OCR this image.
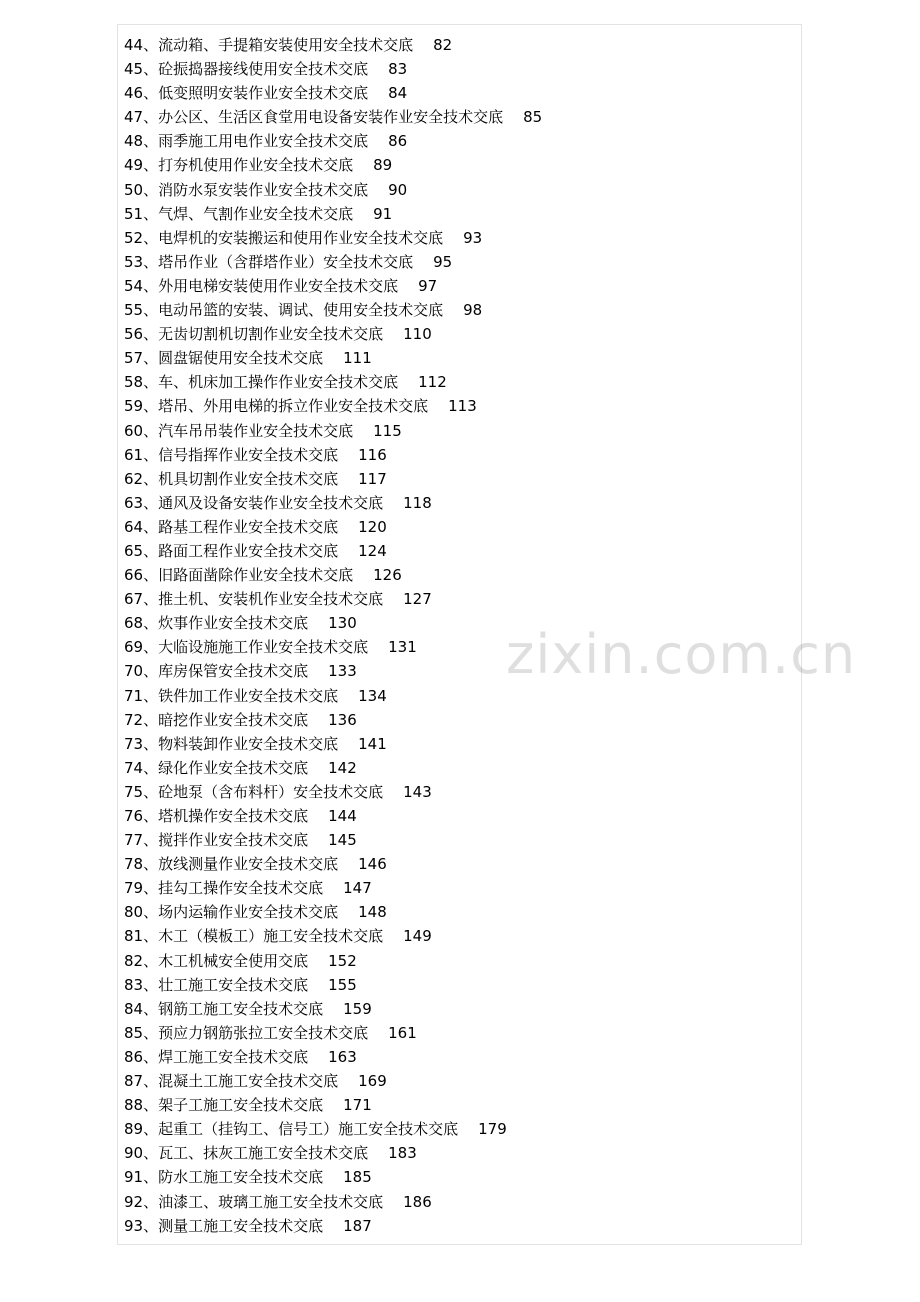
44、流动箱、手提箱安装使用安全技术交底 82
45、砼振捣器接线使用安全技术交底 83
46、低变照明安装作业安全技术交底 84
47、办公区、生活区食堂用电设备安装作业安全技术交底 85
48、雨季施工用电作业安全技术交底 86
49、打夯机使用作业安全技术交底 89
50、消防水泵安装作业安全技术交底 90
51、气焊、气割作业安全技术交底 91
52、电焊机的安装搬运和使用作业安全技术交底 93
53、塔吊作业（含群塔作业）安全技术交底 95
54、外用电梯安装使用作业安全技术交底 97
55、电动吊篮的安装、调试、使用安全技术交底 98
56、无齿切割机切割作业安全技术交底 110
57、圆盘锯使用安全技术交底 111
58、车、机床加工操作作业安全技术交底 112
59、塔吊、外用电梯的拆立作业安全技术交底 113
60、汽车吊吊装作业安全技术交底 115
61、信号指挥作业安全技术交底 116
62、机具切割作业安全技术交底 117
63、通风及设备安装作业安全技术交底 118
64、路基工程作业安全技术交底 120
65、路面工程作业安全技术交底 124
66、旧路面凿除作业安全技术交底 126
67、推土机、安装机作业安全技术交底 127
68、炊事作业安全技术交底 130
69、大临设施施工作业安全技术交底 131
70、库房保管安全技术交底 133
71、铁件加工作业安全技术交底 134
72、暗挖作业安全技术交底 136
73、物料装卸作业安全技术交底 141
74、绿化作业安全技术交底 142
75、砼地泵（含布料杆）安全技术交底 143
76、塔机操作安全技术交底 144
77、搅拌作业安全技术交底 145
78、放线测量作业安全技术交底 146
79、挂勾工操作安全技术交底 147
80、场内运输作业安全技术交底 148
81、木工（模板工）施工安全技术交底 149
82、木工机械安全使用交底 152
83、壮工施工安全技术交底 155
84、钢筋工施工安全技术交底 159
85、预应力钢筋张拉工安全技术交底 161
86、焊工施工安全技术交底 163
87、混凝土工施工安全技术交底 169
88、架子工施工安全技术交底 171
89、起重工（挂钩工、信号工）施工安全技术交底 179
90、瓦工、抹灰工施工安全技术交底 183
91、防水工施工安全技术交底 185
92、油漆工、玻璃工施工安全技术交底 186
93、测量工施工安全技术交底 187
zixin.com.cn
